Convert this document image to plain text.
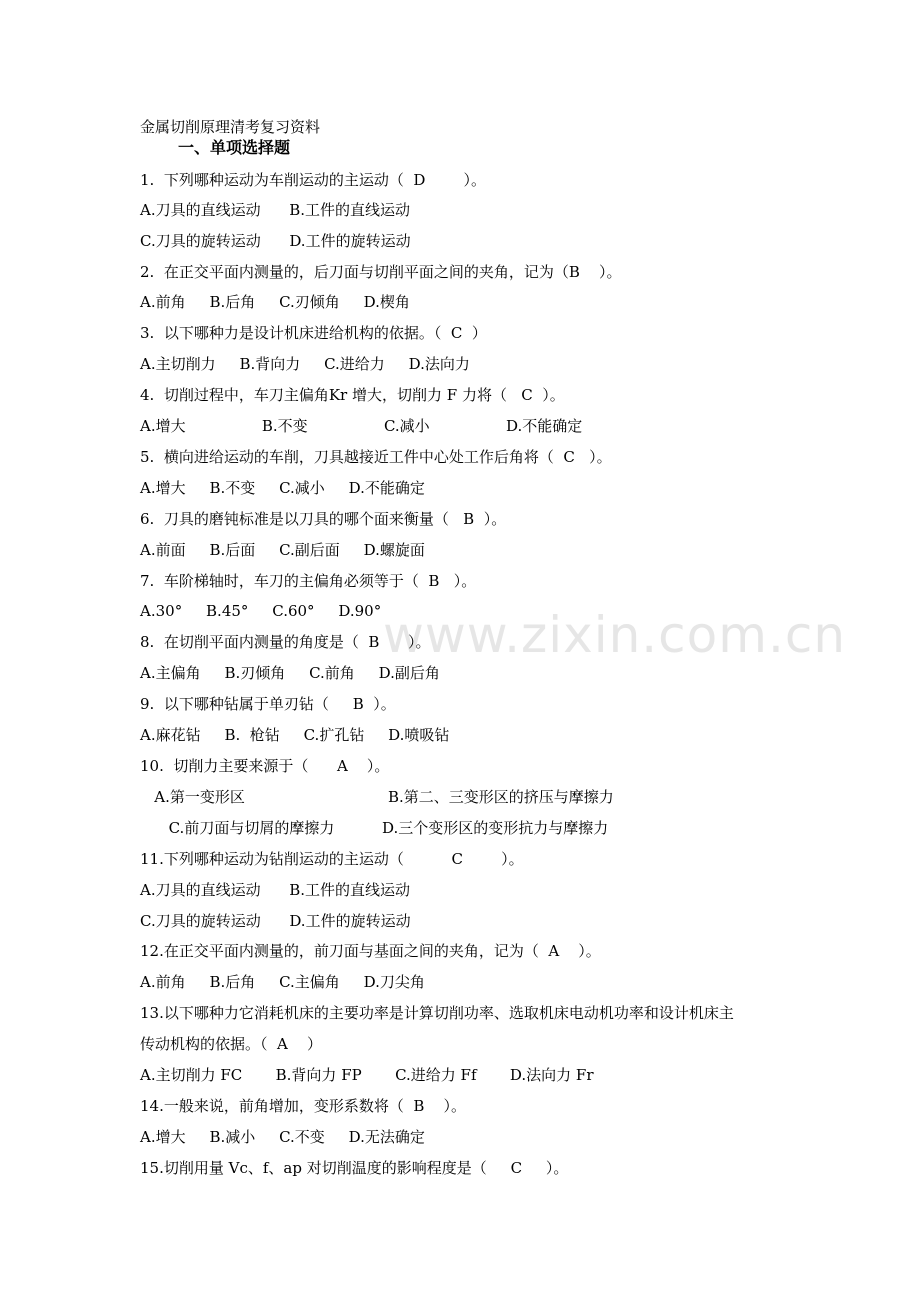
www.zixin.com.cn
金属切削原理清考复习资料
一、单项选择题
1.  下列哪种运动为车削运动的主运动（  D        ）。
A.刀具的直线运动      B.工件的直线运动
C.刀具的旋转运动      D.工件的旋转运动
2.  在正交平面内测量的，后刀面与切削平面之间的夹角，记为（B    ）。
A.前角     B.后角     C.刃倾角     D.楔角
3.  以下哪种力是设计机床进给机构的依据。（  C  ）
A.主切削力     B.背向力     C.进给力     D.法向力
4.  切削过程中，车刀主偏角Kr 增大，切削力 F 力将（   C  ）。
A.增大                B.不变                C.减小                D.不能确定
5.  横向进给运动的车削，刀具越接近工件中心处工作后角将（  C   ）。
A.增大     B.不变     C.减小     D.不能确定
6.  刀具的磨钝标准是以刀具的哪个面来衡量（   B  ）。
A.前面     B.后面     C.副后面     D.螺旋面
7.  车阶梯轴时，车刀的主偏角必须等于（  B   ）。
A.30°     B.45°     C.60°     D.90°
8.  在切削平面内测量的角度是（  B      ）。
A.主偏角     B.刃倾角     C.前角     D.副后角
9.  以下哪种钻属于单刃钻（     B  ）。
A.麻花钻     B.  枪钻     C.扩孔钻     D.喷吸钻
10.  切削力主要来源于（      A    ）。
A.第一变形区                              B.第二、三变形区的挤压与摩擦力
C.前刀面与切屑的摩擦力          D.三个变形区的变形抗力与摩擦力
11.下列哪种运动为钻削运动的主运动（          C        ）。
A.刀具的直线运动      B.工件的直线运动
C.刀具的旋转运动      D.工件的旋转运动
12.在正交平面内测量的，前刀面与基面之间的夹角，记为（  A    ）。
A.前角     B.后角     C.主偏角     D.刀尖角
13.以下哪种力它消耗机床的主要功率是计算切削功率、选取机床电动机功率和设计机床主
传动机构的依据。（  A    ）
A.主切削力 FC       B.背向力 FP       C.进给力 Ff       D.法向力 Fr
14.一般来说，前角增加，变形系数将（  B    ）。
A.增大     B.减小     C.不变     D.无法确定
15.切削用量 Vc、f、ap 对切削温度的影响程度是（     C     ）。
